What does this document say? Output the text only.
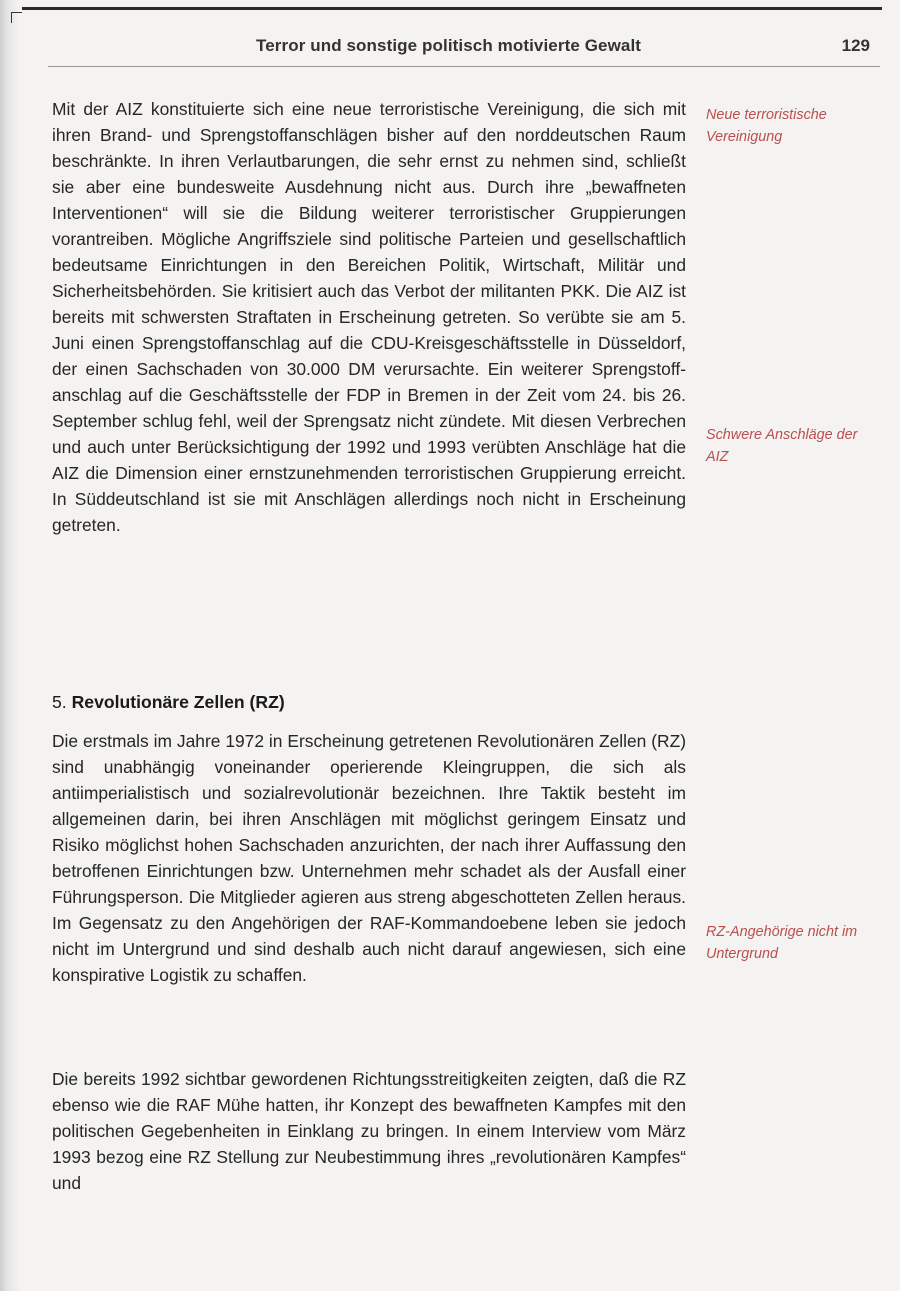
Terror und sonstige politisch motivierte Gewalt	129

Mit der AIZ konstituierte sich eine neue terroristische Vereinigung, die sich mit ihren Brand- und Sprengstoffanschlägen bisher auf den norddeutschen Raum beschränkte. In ihren Verlautbarungen, die sehr ernst zu nehmen sind, schließt sie aber eine bundesweite Ausdehnung nicht aus. Durch ihre „bewaffneten Interventionen“ will sie die Bildung weiterer terroristischer Gruppierungen vorantreiben. Mögliche Angriffsziele sind politische Parteien und gesellschaftlich bedeutsame Einrichtungen in den Bereichen Politik, Wirtschaft, Militär und Sicherheitsbehörden. Sie kritisiert auch das Verbot der militanten PKK. Die AIZ ist bereits mit schwersten Straftaten in Erscheinung getreten. So verübte sie am 5. Juni einen Sprengstoffanschlag auf die CDU-Kreisgeschäftsstelle in Düsseldorf, der einen Sachschaden von 30.000 DM verursachte. Ein weiterer Sprengstoffanschlag auf die Geschäftsstelle der FDP in Bremen in der Zeit vom 24. bis 26. September schlug fehl, weil der Sprengsatz nicht zündete. Mit diesen Verbrechen und auch unter Berücksichtigung der 1992 und 1993 verübten Anschläge hat die AIZ die Dimension einer ernstzunehmenden terroristischen Gruppierung erreicht. In Süddeutschland ist sie mit Anschlägen allerdings noch nicht in Erscheinung getreten.

Neue terroristische Vereinigung

Schwere Anschläge der AIZ

5. Revolutionäre Zellen (RZ)

Die erstmals im Jahre 1972 in Erscheinung getretenen Revolutionären Zellen (RZ) sind unabhängig voneinander operierende Kleingruppen, die sich als antiimperialistisch und sozialrevolutionär bezeichnen. Ihre Taktik besteht im allgemeinen darin, bei ihren Anschlägen mit möglichst geringem Einsatz und Risiko möglichst hohen Sachschaden anzurichten, der nach ihrer Auffassung den betroffenen Einrichtungen bzw. Unternehmen mehr schadet als der Ausfall einer Führungsperson. Die Mitglieder agieren aus streng abgeschotteten Zellen heraus. Im Gegensatz zu den Angehörigen der RAF-Kommandoebene leben sie jedoch nicht im Untergrund und sind deshalb auch nicht darauf angewiesen, sich eine konspirative Logistik zu schaffen.

RZ-Angehörige nicht im Untergrund

Die bereits 1992 sichtbar gewordenen Richtungsstreitigkeiten zeigten, daß die RZ ebenso wie die RAF Mühe hatten, ihr Konzept des bewaffneten Kampfes mit den politischen Gegebenheiten in Einklang zu bringen. In einem Interview vom März 1993 bezog eine RZ Stellung zur Neubestimmung ihres „revolutionären Kampfes“ und
